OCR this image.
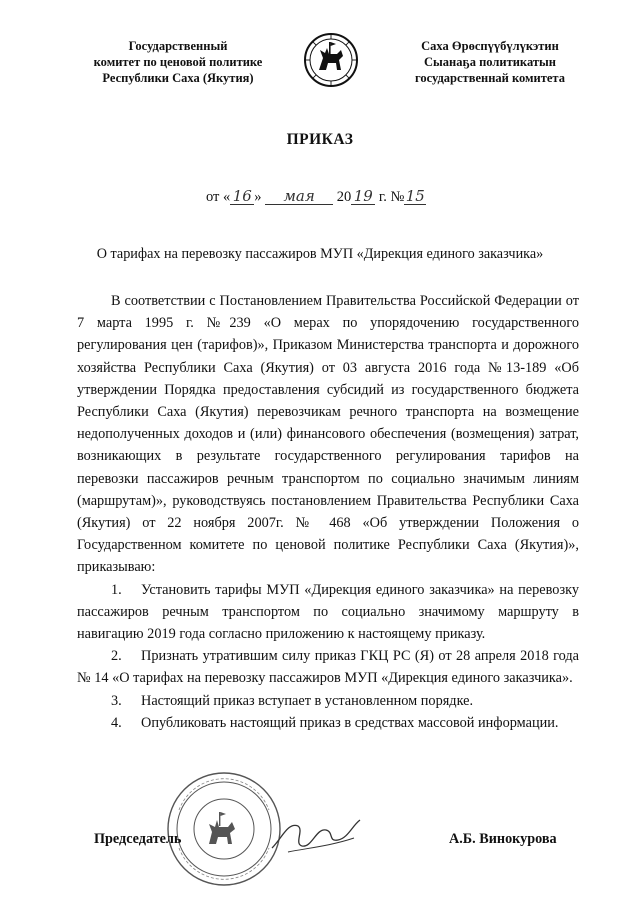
Государственный
комитет по ценовой политике
Республики Саха (Якутия)
Саха Өрөспүүбүлүкэтин
Сыанаҕа политикатын
государственнай комитета
ПРИКАЗ
от « 16 » мая 20 19 г. №15
О тарифах на перевозку пассажиров МУП «Дирекция единого заказчика»

В соответствии с Постановлением Правительства Российской Федерации от 7 марта 1995 г. №239 «О мерах по упорядочению государственного регулирования цен (тарифов)», Приказом Министерства транспорта и дорожного хозяйства Республики Саха (Якутия) от 03 августа 2016 года №13-189 «Об утверждении Порядка предоставления субсидий из государственного бюджета Республики Саха (Якутия) перевозчикам речного транспорта на возмещение недополученных доходов и (или) финансового обеспечения (возмещения) затрат, возникающих в результате государственного регулирования тарифов на перевозки пассажиров речным транспортом по социально значимым линиям (маршрутам)», руководствуясь постановлением Правительства Республики Саха (Якутия) от 22 ноября 2007г. № 468 «Об утверждении Положения о Государственном комитете по ценовой политике Республики Саха (Якутия)», приказываю:

1. Установить тарифы МУП «Дирекция единого заказчика» на перевозку пассажиров речным транспортом по социально значимому маршруту в навигацию 2019 года согласно приложению к настоящему приказу.

2. Признать утратившим силу приказ ГКЦ РС (Я) от 28 апреля 2018 года № 14 «О тарифах на перевозку пассажиров МУП «Дирекция единого заказчика».

3. Настоящий приказ вступает в установленном порядке.

4. Опубликовать настоящий приказ в средствах массовой информации.

Председатель	А.Б. Винокурова
